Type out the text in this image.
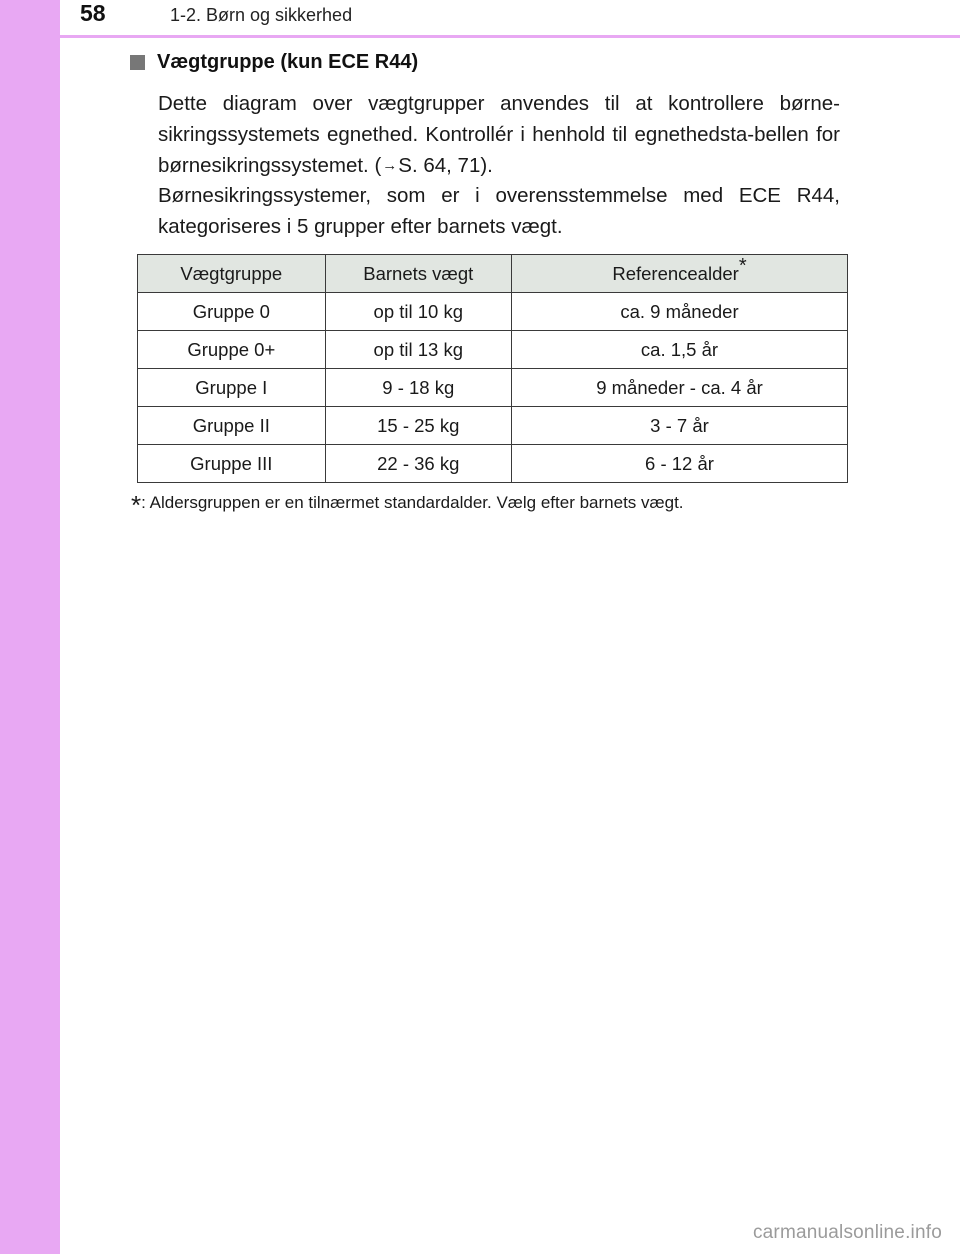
58	1-2. Børn og sikkerhed
Vægtgruppe (kun ECE R44)
Dette diagram over vægtgrupper anvendes til at kontrollere børne-sikringssystemets egnethed. Kontrollér i henhold til egnethedsta-bellen for børnesikringssystemet. (→S. 64, 71).
Børnesikringssystemer, som er i overensstemmelse med ECE R44, kategoriseres i 5 grupper efter barnets vægt.
Vægtgruppe	Barnets vægt	Referencealder*
Gruppe 0	op til 10 kg	ca. 9 måneder
Gruppe 0+	op til 13 kg	ca. 1,5 år
Gruppe I	9 - 18 kg	9 måneder - ca. 4 år
Gruppe II	15 - 25 kg	3 - 7 år
Gruppe III	22 - 36 kg	6 - 12 år
*: Aldersgruppen er en tilnærmet standardalder. Vælg efter barnets vægt.
carmanualsonline.info
